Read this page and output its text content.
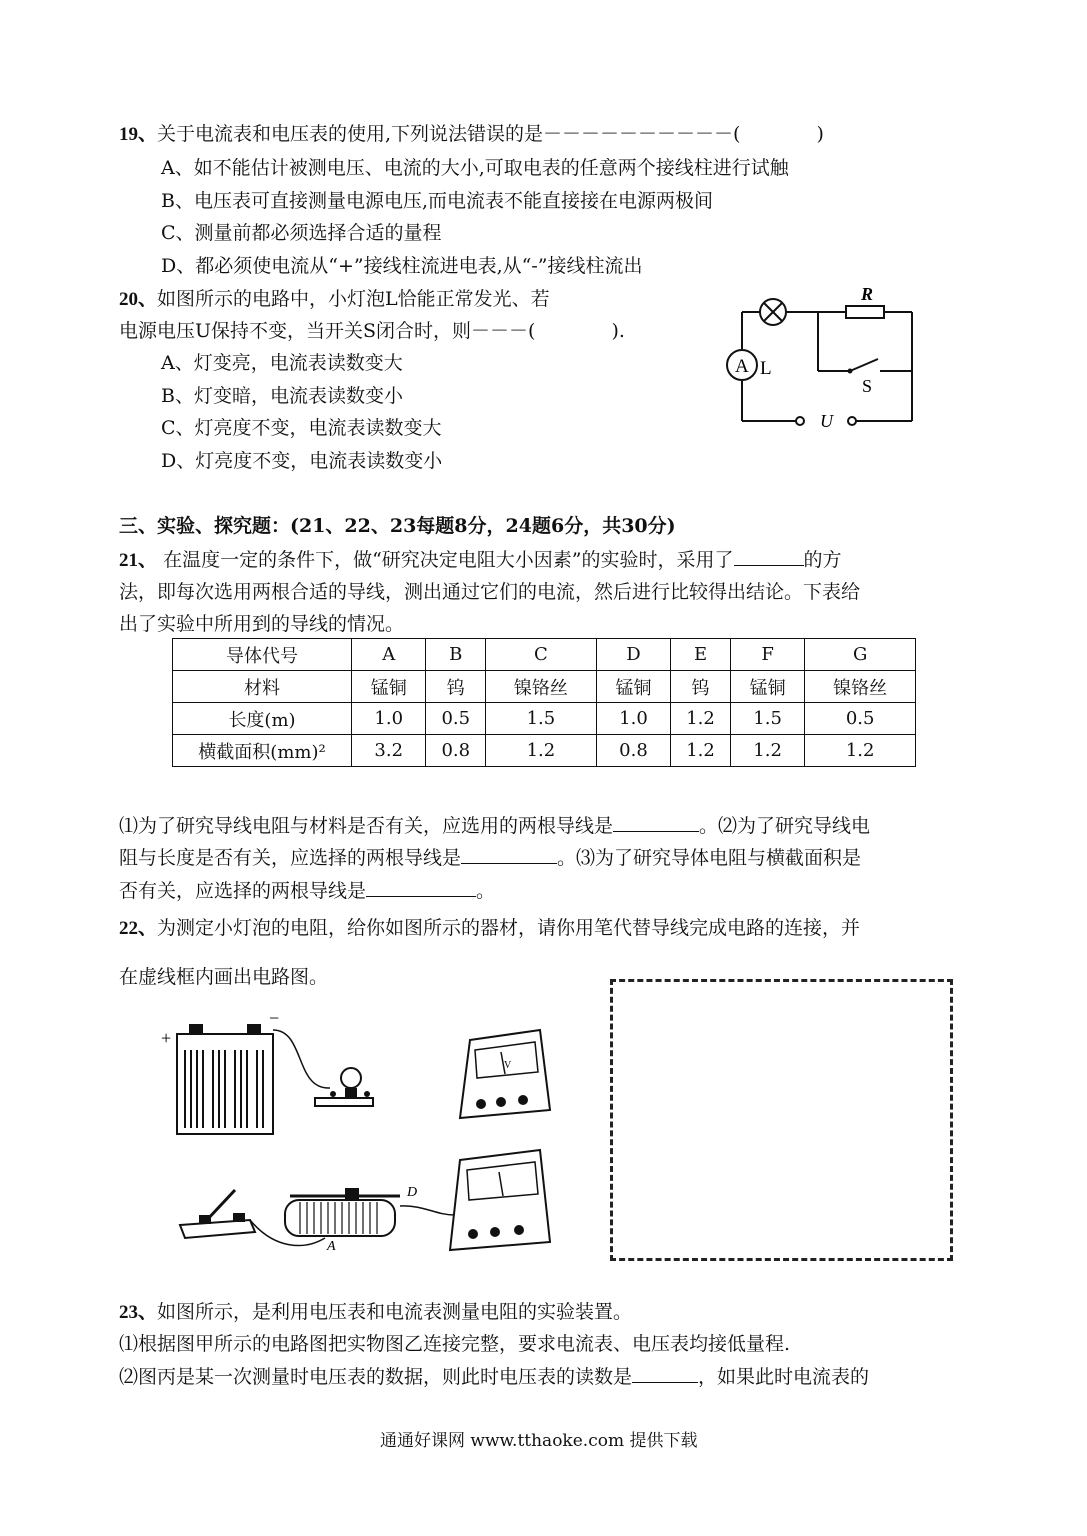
19、关于电流表和电压表的使用,下列说法错误的是－－－－－－－－－－(　　　　)
A、如不能估计被测电压、电流的大小,可取电表的任意两个接线柱进行试触
B、电压表可直接测量电源电压,而电流表不能直接接在电源两极间
C、测量前都必须选择合适的量程
D、都必须使电流从“+”接线柱流进电表,从“-”接线柱流出
20、如图所示的电路中，小灯泡L恰能正常发光、若
电源电压U保持不变，当开关S闭合时，则－－－(　　　　).
A、灯变亮，电流表读数变大
B、灯变暗，电流表读数变小
C、灯亮度不变，电流表读数变大
D、灯亮度不变，电流表读数变小
R
A L
S
U
三、实验、探究题：(21、22、23每题8分，24题6分，共30分)
21、 在温度一定的条件下，做“研究决定电阻大小因素”的实验时，采用了	的方
法，即每次选用两根合适的导线，测出通过它们的电流，然后进行比较得出结论。下表给
出了实验中所用到的导线的情况。
导体代号	A	B	C	D	E	F	G
材料	锰铜	钨	镍铬丝	锰铜	钨	锰铜	镍铬丝
长度(m)	1.0	0.5	1.5	1.0	1.2	1.5	0.5
横截面积(mm)²	3.2	0.8	1.2	0.8	1.2	1.2	1.2
⑴为了研究导线电阻与材料是否有关，应选用的两根导线是	。⑵为了研究导线电
阻与长度是否有关，应选择的两根导线是	。⑶为了研究导体电阻与横截面积是
否有关，应选择的两根导线是	。
22、为测定小灯泡的电阻，给你如图所示的器材，请你用笔代替导线完成电路的连接，并
在虚线框内画出电路图。
+
−
V
A
D
23、如图所示，是利用电压表和电流表测量电阻的实验装置。
⑴根据图甲所示的电路图把实物图乙连接完整，要求电流表、电压表均接低量程.
⑵图丙是某一次测量时电压表的数据，则此时电压表的读数是	，如果此时电流表的
通通好课网 www.tthaoke.com 提供下载
